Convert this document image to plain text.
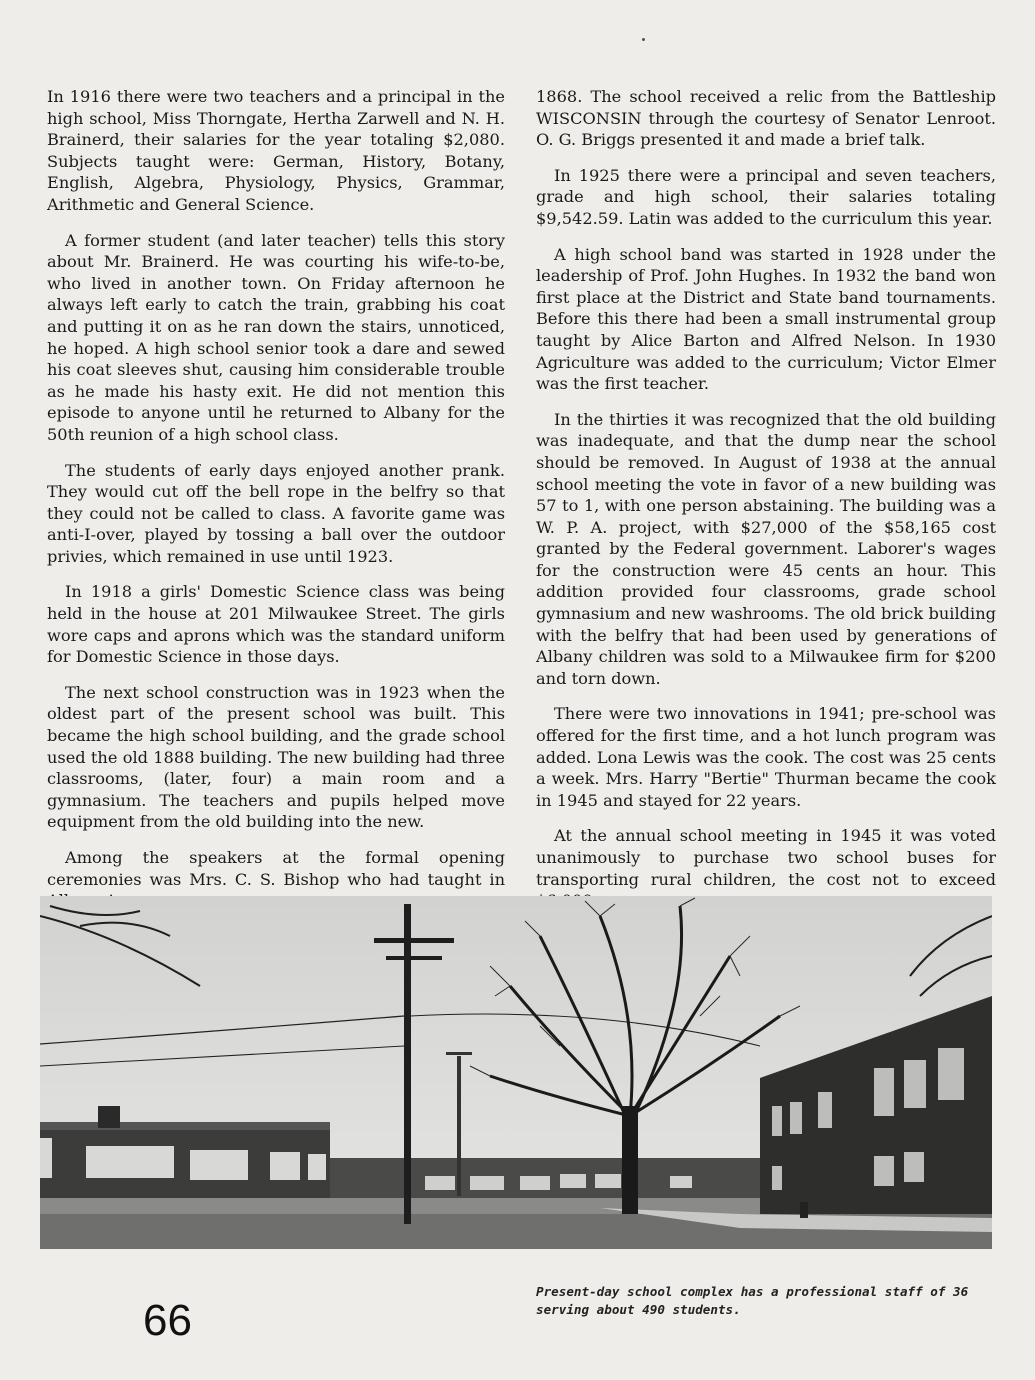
In 1916 there were two teachers and a principal in the high school, Miss Thorngate, Hertha Zarwell and N. H. Brainerd, their salaries for the year totaling $2,080. Subjects taught were: German, History, Botany, English, Algebra, Physiology, Physics, Grammar, Arithmetic and General Science.

A former student (and later teacher) tells this story about Mr. Brainerd. He was courting his wife-to-be, who lived in another town. On Friday afternoon he always left early to catch the train, grabbing his coat and putting it on as he ran down the stairs, unnoticed, he hoped. A high school senior took a dare and sewed his coat sleeves shut, causing him considerable trouble as he made his hasty exit. He did not mention this episode to anyone until he returned to Albany for the 50th reunion of a high school class.

The students of early days enjoyed another prank. They would cut off the bell rope in the belfry so that they could not be called to class. A favorite game was anti-I-over, played by tossing a ball over the outdoor privies, which remained in use until 1923.

In 1918 a girls' Domestic Science class was being held in the house at 201 Milwaukee Street. The girls wore caps and aprons which was the standard uniform for Domestic Science in those days.

The next school construction was in 1923 when the oldest part of the present school was built. This became the high school building, and the grade school used the old 1888 building. The new building had three classrooms, (later, four) a main room and a gymnasium. The teachers and pupils helped move equipment from the old building into the new.

Among the speakers at the formal opening ceremonies was Mrs. C. S. Bishop who had taught in

1868. The school received a relic from the Battleship WISCONSIN through the courtesy of Senator Lenroot. O. G. Briggs presented it and made a brief talk.

In 1925 there were a principal and seven teachers, grade and high school, their salaries totaling $9,542.59. Latin was added to the curriculum this year.

A high school band was started in 1928 under the leadership of Prof. John Hughes. In 1932 the band won first place at the District and State band tournaments. Before this there had been a small instrumental group taught by Alice Barton and Alfred Nelson. In 1930 Agriculture was added to the curriculum; Victor Elmer was the first teacher.

In the thirties it was recognized that the old building was inadequate, and that the dump near the school should be removed. In August of 1938 at the annual school meeting the vote in favor of a new building was 57 to 1, with one person abstaining. The building was a W. P. A. project, with $27,000 of the $58,165 cost granted by the Federal government. Laborer's wages for the construction were 45 cents an hour. This addition provided four classrooms, grade school gymnasium and new washrooms. The old brick building with the belfry that had been used by generations of Albany children was sold to a Milwaukee firm for $200 and torn down.

There were two innovations in 1941; pre-school was offered for the first time, and a hot lunch program was added. Lona Lewis was the cook. The cost was 25 cents a week. Mrs. Harry "Bertie" Thurman became the cook in 1945 and stayed for 22 years.

At the annual school meeting in 1945 it was voted unanimously to purchase two school buses for transporting rural children, the cost not to exceed

66
Present-day school complex has a professional staff of 36 serving about 490 students.
